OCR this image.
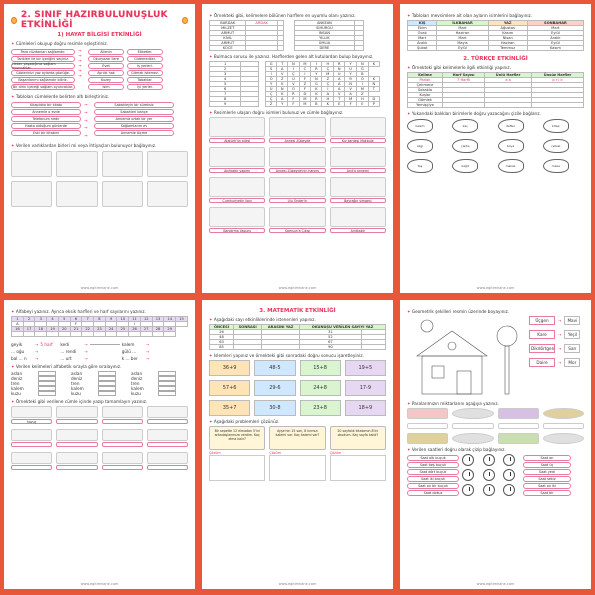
2. SINIF HAZIRBULUNUŞLUK ETKİNLİĞİ
1) HAYAT BİLGİSİ ETKİNLİĞİ
✦ Cümleleri okuyup doğru resimle eşleştiriniz.
Para cüzdanları sağlamdır.
Tarikleri ile bir içeriğini seçiniz.
Heber yaşadığınız sağlam oyuncaklar.
Gözlerinizi yaz aylarda gözlüğe.
Başarılarımı sağlamdır biliriz.
Bir dirin içeceği sağlam oyuncaklar.
→
→
→
→
→
→
Ailenin
Okuryazar ilere
Evet
Ayrılık hak
Kuzey
İsim
Etiketler.
Gidemediler.
İş yerleri.
Gitmek istemez.
Tabaklar.
İyi yerler.
✦ Tabloları cümlelerde belirten altı birleştiriniz.
Kitaplıkta bir kitabı
Annemle o evde
Telefonum nedir
Hasta olduğum günlerde
Eski bir kitabını
→
→
→
→
→
Sabahleyin bir süreksiz
Sabahleri bahçe
Annemiz ortak bir yer
Sağlamlarım ev
Annemle ölçme
✦ Verilen varlıklardan birleri mi veya ihtiyaçları bulunuyor bağlayınız.
www.egitimhane.com
✦ Örnekteki gibi, kelimelere bölünen harflere en uyumlu olanı yazınız.
BARDAK	ARDAK	
MİLZET		
ARMUT		
KİVİL		
ARMUT		
KÖCE		
ANKEAN	
SİHÜRGÜ	
İNSAN	
YILLIK	
ÜMLİA	
DERE	
✦ Bulmaca sorusu ile yazınız. Harflerden gelen alt kutulardan bulup boyayınız.
1	
2	
3	
4	
5	
6	
7	
8	
9	
G	T	N	M	İ	H	R	Y	N	K
S	A	İ	C	R	Ç	N	U	Ğ	
İ	V	Ç	İ	Y	M	U	Y	B	
Ö	Z	U	F	N	Z	A	R	O	K
Y	K	V	Z	G	Ç	A	N	İ	N
Ü	N	O	F	K	İ	A	V	M	T
Ç	K	R	D	K	A	V	A	Z	
Ç	A	F	M	R	H	T	M	H	D
Z	Y	F	M	B	K	E	F	E	P
✦ Resimlerle ulaşan doğru isimleri bulunuz ve cümle bağlayınız.
Atatürk'ün ailesi	Annesi Zübeyde	Kız kardeşi Makbule
Anıtkabir yapımı	Annesi Zübeyde'nin hanımı	Anıt'a annemi
Cumhuriyetin ilanı	Ulu Önder'in	Bayrağın simgesi
Bandırma Vapuru	Samsun'a Çıkışı	Anıtkabir
www.egitimhane.com
✦ Tabloları mevsimlere ait olan ayların isimlerini bağlayınız.
KIŞ	İLKBAHAR	YAZ	SONBAHAR
Ekim	Mart	Ağustos	Mart
Ocak	Haziran	Kasım	Eylül
Mart	Mart	Nisan	Aralık
Aralık	Mayıs	Haziran	Eylül
Şubat	Eylül	Temmuz	Kasım
2. TÜRKÇE ETKİNLİĞİ
✦ Örnekteki gibi kelimelerle ilgili etkinliği yapınız.
Kelime	Harf Sayısı	Ünlü Harfler	Ünsüz Harfler
Parlak	7 Harfli	a a	p r l k
Çekmece			
Sokakla			
Kuşlar			
Gömlek			
Yemişçiye			
✦ Yukarıdaki balıkları birimlerle doğru yazacağını çizile bağlarız.
kalem	kaç	defter	kitap
silgi	çanta	boya	cetvel
taş	kağıt	makas	masa
www.egitimhane.com
✦ Alfabeyi yazınız. Ayrıca eksik harfleri ve harf sayılarını yazınız.
1	2	3	4	5	6	7	8	9	10	11	12	13	14	15
A					F					I				
16	17	18	19	20	21	22	23	24	25	26	27	28	29	

geyik	→ 5 harf	kedi	→	kalem	→
... oğu	→	... rendi	→	gülü ...	→
bal ... n	→	... urt	→	k ... ber	→
✦ Verilen kelimeleri alfabetik sırayla göre sıralayınız.
aslan
deniz
tren
kalem
kuzu
aslan
deniz
tren
kalem
kuzu
aslan
deniz
tren
kalem
kuzu
✦ Örnekteki gibi verilene cümle içinde yazıp tamamlayın yazınız.
havuç
www.egitimhane.com
3. MATEMATİK ETKİNLİĞİ
✦ Aşağıdaki sayı etkinliklerinde istenenleri yapınız.
ÖNCESİ	SONRASI	ARASINI YAZ	OKUNUŞU VERİLEN SAYIYI YAZ	
26			31	
48			52	
63			67	
85			90	
✦ Islemleri yapınız ve örnekteki gibi sonradaki doğru sonucu işaretleyiniz.
36+9	48-5	15+8	19+5
57+6	29-6	24+8	17-9
35+7	30-8	23+8	18+9
✦ Aşağıdaki problemleri çözünüz.
Bir sepette 12 elmadan 5'ini arkadaşlarımıza verdim. Kaç elma kalır?
Çözüm
Ayşe'nin 15 sarı, 8 kırmızı kalemi var. Kaç kalemi var?
Çözüm
20 sayfalık kitabımın 8'ini okudum. Kaç sayfa kaldı?
Çözüm
www.egitimhane.com
✦ Geometrik şekilleri resmin üzerinde boyayınız.
Üçgen	→	Mavi
Kare	→	Yeşil
Dikdörtgen →	Sarı
Daire	→	Mor
✦ Paralarımızın miktarlarını aşağıya yazınız.
✦ Verilen saatleri doğru olarak çizip bağlayınız.
Saat altı buçuk
Saat beş buçuk
Saat dört buçuk
Saat iki buçuk
Saat on bir buçuk
Saat dokuz
Saat on
Saat üç
Saat yedi
Saat sekiz
Saat on iki
Saat bir
www.egitimhane.com
